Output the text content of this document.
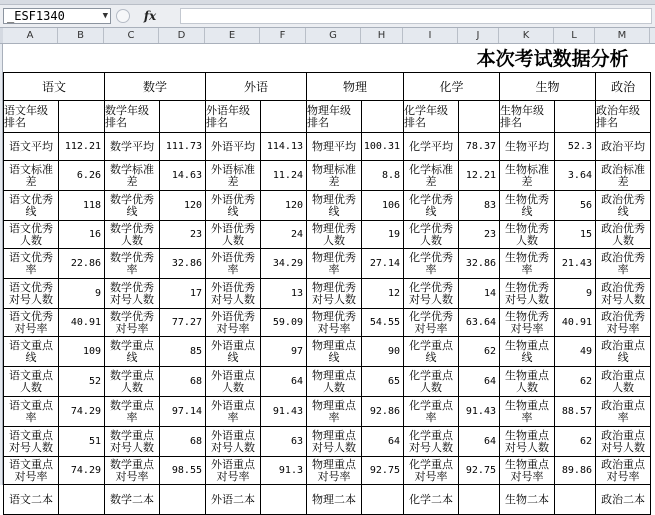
_ESF1340	▼	fx
A	B	C	D	E	F	G	H	I	J	K	L	M
本次考试数据分析												
语文		数学		外语		物理		化学		生物		政治
语文年级排名		数学年级排名		外语年级排名		物理年级排名		化学年级排名		生物年级排名		政治年级排名
语文平均	112.21	数学平均	111.73	外语平均	114.13	物理平均	100.31	化学平均	78.37	生物平均	52.3	政治平均
语文标准差	6.26	数学标准差	14.63	外语标准差	11.24	物理标准差	8.8	化学标准差	12.21	生物标准差	3.64	政治标准差
语文优秀线	118	数学优秀线	120	外语优秀线	120	物理优秀线	106	化学优秀线	83	生物优秀线	56	政治优秀线
语文优秀人数	16	数学优秀人数	23	外语优秀人数	24	物理优秀人数	19	化学优秀人数	23	生物优秀人数	15	政治优秀人数
语文优秀率	22.86	数学优秀率	32.86	外语优秀率	34.29	物理优秀率	27.14	化学优秀率	32.86	生物优秀率	21.43	政治优秀率
语文优秀对号人数	9	数学优秀对号人数	17	外语优秀对号人数	13	物理优秀对号人数	12	化学优秀对号人数	14	生物优秀对号人数	9	政治优秀对号人数
语文优秀对号率	40.91	数学优秀对号率	77.27	外语优秀对号率	59.09	物理优秀对号率	54.55	化学优秀对号率	63.64	生物优秀对号率	40.91	政治优秀对号率
语文重点线	109	数学重点线	85	外语重点线	97	物理重点线	90	化学重点线	62	生物重点线	49	政治重点线
语文重点人数	52	数学重点人数	68	外语重点人数	64	物理重点人数	65	化学重点人数	64	生物重点人数	62	政治重点人数
语文重点率	74.29	数学重点率	97.14	外语重点率	91.43	物理重点率	92.86	化学重点率	91.43	生物重点率	88.57	政治重点率
语文重点对号人数	51	数学重点对号人数	68	外语重点对号人数	63	物理重点对号人数	64	化学重点对号人数	64	生物重点对号人数	62	政治重点对号人数
语文重点对号率	74.29	数学重点对号率	98.55	外语重点对号率	91.3	物理重点对号率	92.75	化学重点对号率	92.75	生物重点对号率	89.86	政治重点对号率
语文二本		数学二本		外语二本		物理二本		化学二本		生物二本		政治二本
